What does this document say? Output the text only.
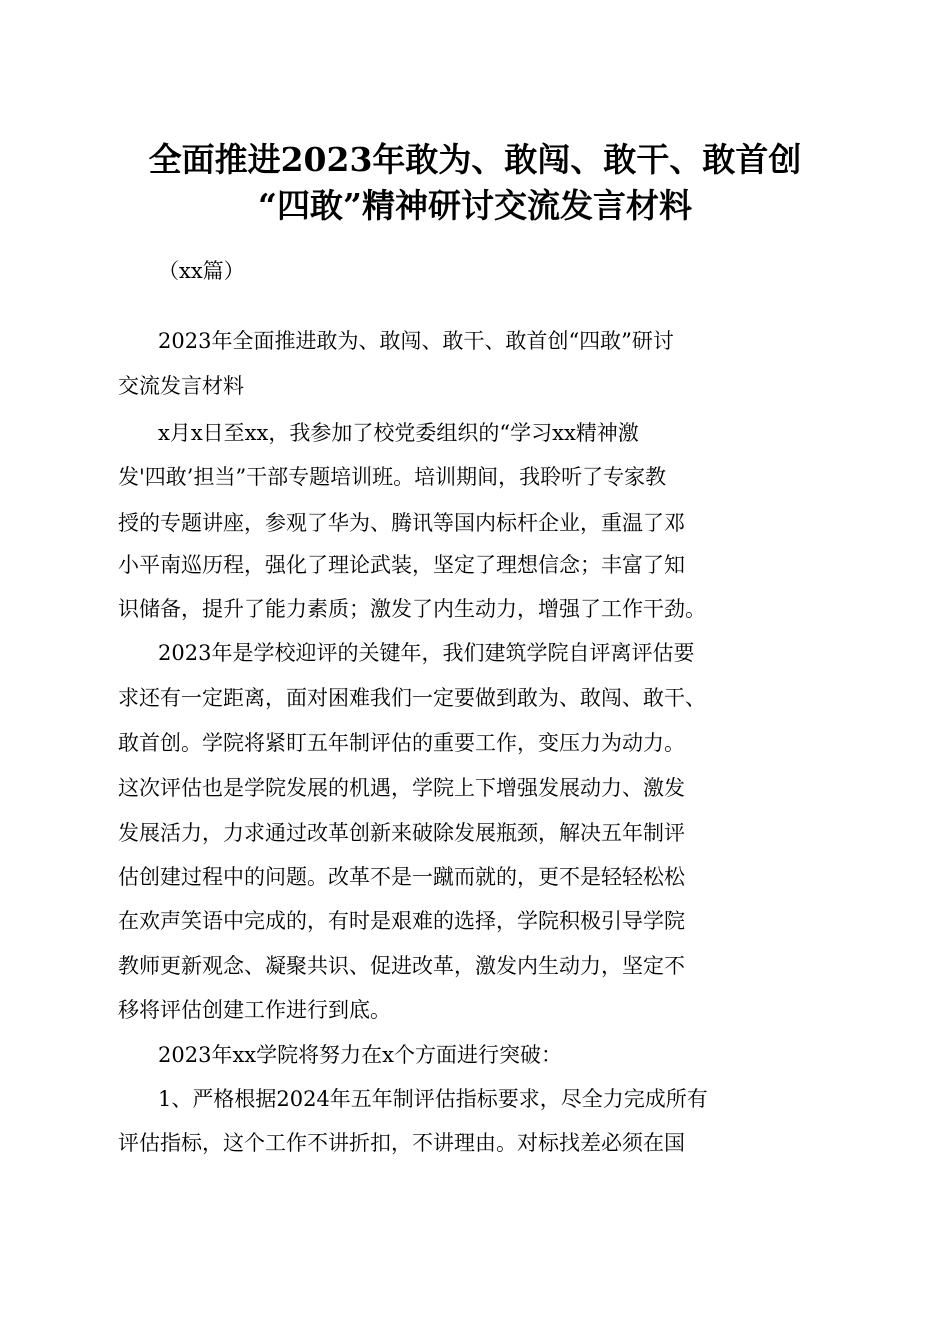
全面推进2023年敢为、敢闯、敢干、敢首创
“四敢”精神研讨交流发言材料
（xx篇）
2023年全面推进敢为、敢闯、敢干、敢首创“四敢”研讨
交流发言材料
x月x日至xx，我参加了校党委组织的“学习xx精神激
发'四敢’担当”干部专题培训班。培训期间，我聆听了专家教
授的专题讲座，参观了华为、腾讯等国内标杆企业，重温了邓
小平南巡历程，强化了理论武装，坚定了理想信念；丰富了知
识储备，提升了能力素质；激发了内生动力，增强了工作干劲。
2023年是学校迎评的关键年，我们建筑学院自评离评估要
求还有一定距离，面对困难我们一定要做到敢为、敢闯、敢干、
敢首创。学院将紧盯五年制评估的重要工作，变压力为动力。
这次评估也是学院发展的机遇，学院上下增强发展动力、激发
发展活力，力求通过改革创新来破除发展瓶颈，解决五年制评
估创建过程中的问题。改革不是一蹴而就的，更不是轻轻松松
在欢声笑语中完成的，有时是艰难的选择，学院积极引导学院
教师更新观念、凝聚共识、促进改革，激发内生动力，坚定不
移将评估创建工作进行到底。
2023年xx学院将努力在x个方面进行突破：
1、严格根据2024年五年制评估指标要求，尽全力完成所有
评估指标，这个工作不讲折扣，不讲理由。对标找差必须在国
